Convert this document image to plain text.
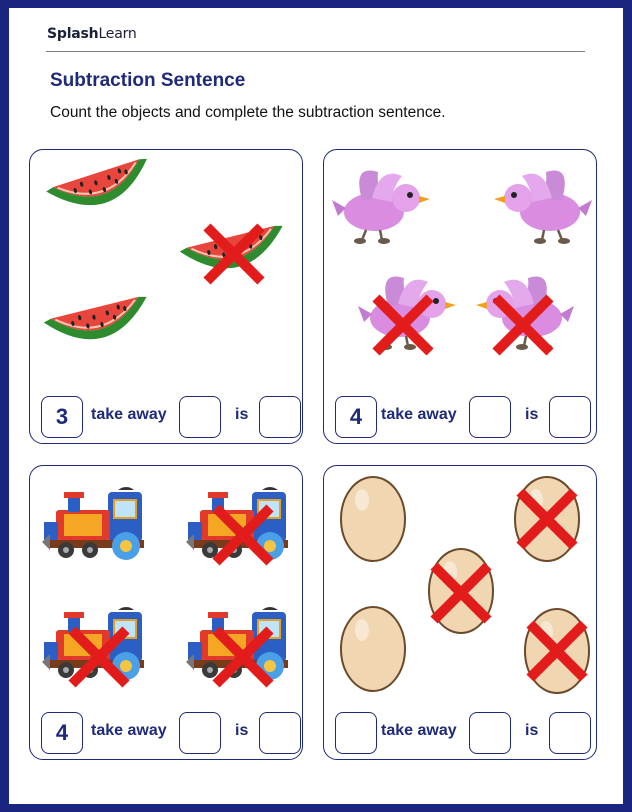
SplashLearn
Subtraction Sentence
Count the objects and complete the subtraction sentence.
3	take away	is	4	take away	is
4	take away	is	take away	is
